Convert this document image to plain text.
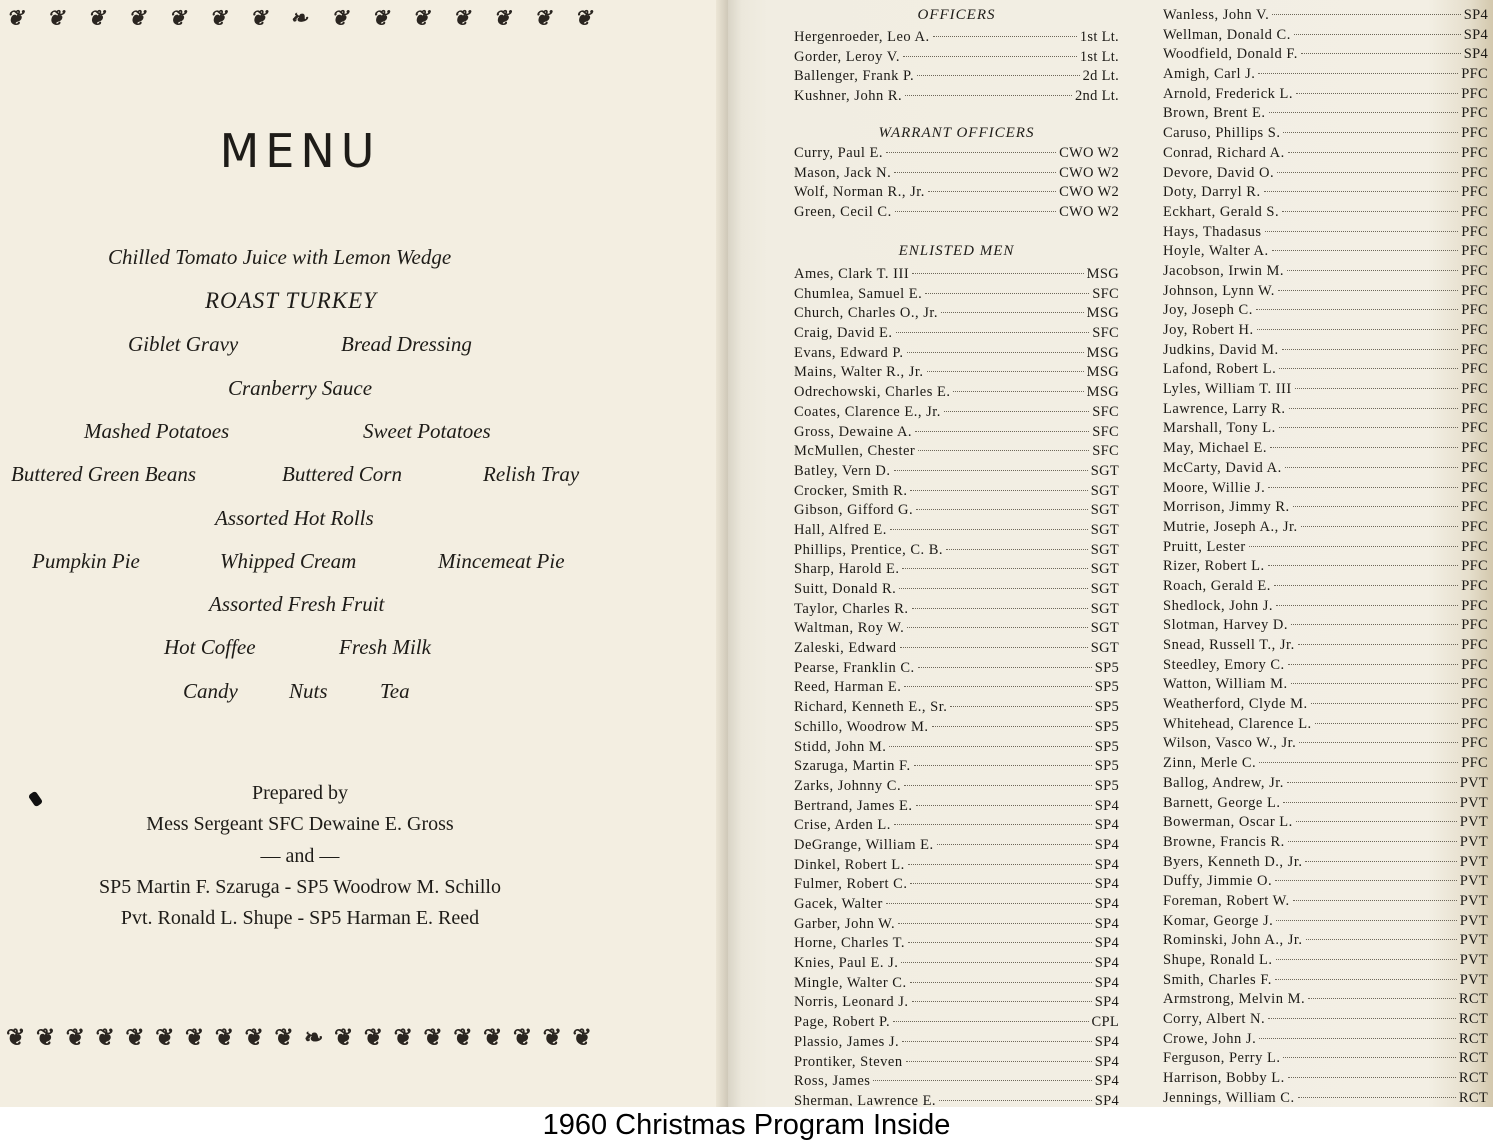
❦ ❦ ❦ ❦ ❦ ❦ ❦ ❧ ❦ ❦ ❦ ❦ ❦ ❦ ❦
MENU
Chilled Tomato Juice with Lemon Wedge
ROAST TURKEY
Giblet Gravy	Bread Dressing
Cranberry Sauce
Mashed Potatoes	Sweet Potatoes
Buttered Green Beans	Buttered Corn	Relish Tray
Assorted Hot Rolls
Pumpkin Pie	Whipped Cream	Mincemeat Pie
Assorted Fresh Fruit
Hot Coffee	Fresh Milk
Candy Nuts Tea
Prepared by
Mess Sergeant SFC Dewaine E. Gross
— and —
SP5 Martin F. Szaruga - SP5 Woodrow M. Schillo
Pvt. Ronald L. Shupe - SP5 Harman E. Reed
❦ ❦ ❦ ❦ ❦ ❦ ❦ ❦ ❦ ❦ ❧ ❦ ❦ ❦ ❦ ❦ ❦ ❦ ❦ ❦
OFFICERS
Hergenroeder, Leo A.	1st Lt.
Gorder, Leroy V.	1st Lt.
Ballenger, Frank P.	2d Lt.
Kushner, John R.	2nd Lt.
WARRANT OFFICERS
Curry, Paul E.	CWO W2
Mason, Jack N.	CWO W2
Wolf, Norman R., Jr.	CWO W2
Green, Cecil C.	CWO W2
ENLISTED MEN
Ames, Clark T. III	MSG
Chumlea, Samuel E.	SFC
Church, Charles O., Jr.	MSG
Craig, David E.	SFC
Evans, Edward P.	MSG
Mains, Walter R., Jr.	MSG
Odrechowski, Charles E.	MSG
Coates, Clarence E., Jr.	SFC
Gross, Dewaine A.	SFC
McMullen, Chester	SFC
Batley, Vern D.	SGT
Crocker, Smith R.	SGT
Gibson, Gifford G.	SGT
Hall, Alfred E.	SGT
Phillips, Prentice, C. B.	SGT
Sharp, Harold E.	SGT
Suitt, Donald R.	SGT
Taylor, Charles R.	SGT
Waltman, Roy W.	SGT
Zaleski, Edward	SGT
Pearse, Franklin C.	SP5
Reed, Harman E.	SP5
Richard, Kenneth E., Sr.	SP5
Schillo, Woodrow M.	SP5
Stidd, John M.	SP5
Szaruga, Martin F.	SP5
Zarks, Johnny C.	SP5
Bertrand, James E.	SP4
Crise, Arden L.	SP4
DeGrange, William E.	SP4
Dinkel, Robert L.	SP4
Fulmer, Robert C.	SP4
Gacek, Walter	SP4
Garber, John W.	SP4
Horne, Charles T.	SP4
Knies, Paul E. J.	SP4
Mingle, Walter C.	SP4
Norris, Leonard J.	SP4
Page, Robert P.	CPL
Plassio, James J.	SP4
Prontiker, Steven	SP4
Ross, James	SP4
Sherman, Lawrence E.	SP4
Wanless, John V.	SP4
Wellman, Donald C.	SP4
Woodfield, Donald F.	SP4
Amigh, Carl J.	PFC
Arnold, Frederick L.	PFC
Brown, Brent E.	PFC
Caruso, Phillips S.	PFC
Conrad, Richard A.	PFC
Devore, David O.	PFC
Doty, Darryl R.	PFC
Eckhart, Gerald S.	PFC
Hays, Thadasus	PFC
Hoyle, Walter A.	PFC
Jacobson, Irwin M.	PFC
Johnson, Lynn W.	PFC
Joy, Joseph C.	PFC
Joy, Robert H.	PFC
Judkins, David M.	PFC
Lafond, Robert L.	PFC
Lyles, William T. III	PFC
Lawrence, Larry R.	PFC
Marshall, Tony L.	PFC
May, Michael E.	PFC
McCarty, David A.	PFC
Moore, Willie J.	PFC
Morrison, Jimmy R.	PFC
Mutrie, Joseph A., Jr.	PFC
Pruitt, Lester	PFC
Rizer, Robert L.	PFC
Roach, Gerald E.	PFC
Shedlock, John J.	PFC
Slotman, Harvey D.	PFC
Snead, Russell T., Jr.	PFC
Steedley, Emory C.	PFC
Watton, William M.	PFC
Weatherford, Clyde M.	PFC
Whitehead, Clarence L.	PFC
Wilson, Vasco W., Jr.	PFC
Zinn, Merle C.	PFC
Ballog, Andrew, Jr.	PVT
Barnett, George L.	PVT
Bowerman, Oscar L.	PVT
Browne, Francis R.	PVT
Byers, Kenneth D., Jr.	PVT
Duffy, Jimmie O.	PVT
Foreman, Robert W.	PVT
Komar, George J.	PVT
Rominski, John A., Jr.	PVT
Shupe, Ronald L.	PVT
Smith, Charles F.	PVT
Armstrong, Melvin M.	RCT
Corry, Albert N.	RCT
Crowe, John J.	RCT
Ferguson, Perry L.	RCT
Harrison, Bobby L.	RCT
Jennings, William C.	RCT
1960 Christmas Program Inside
